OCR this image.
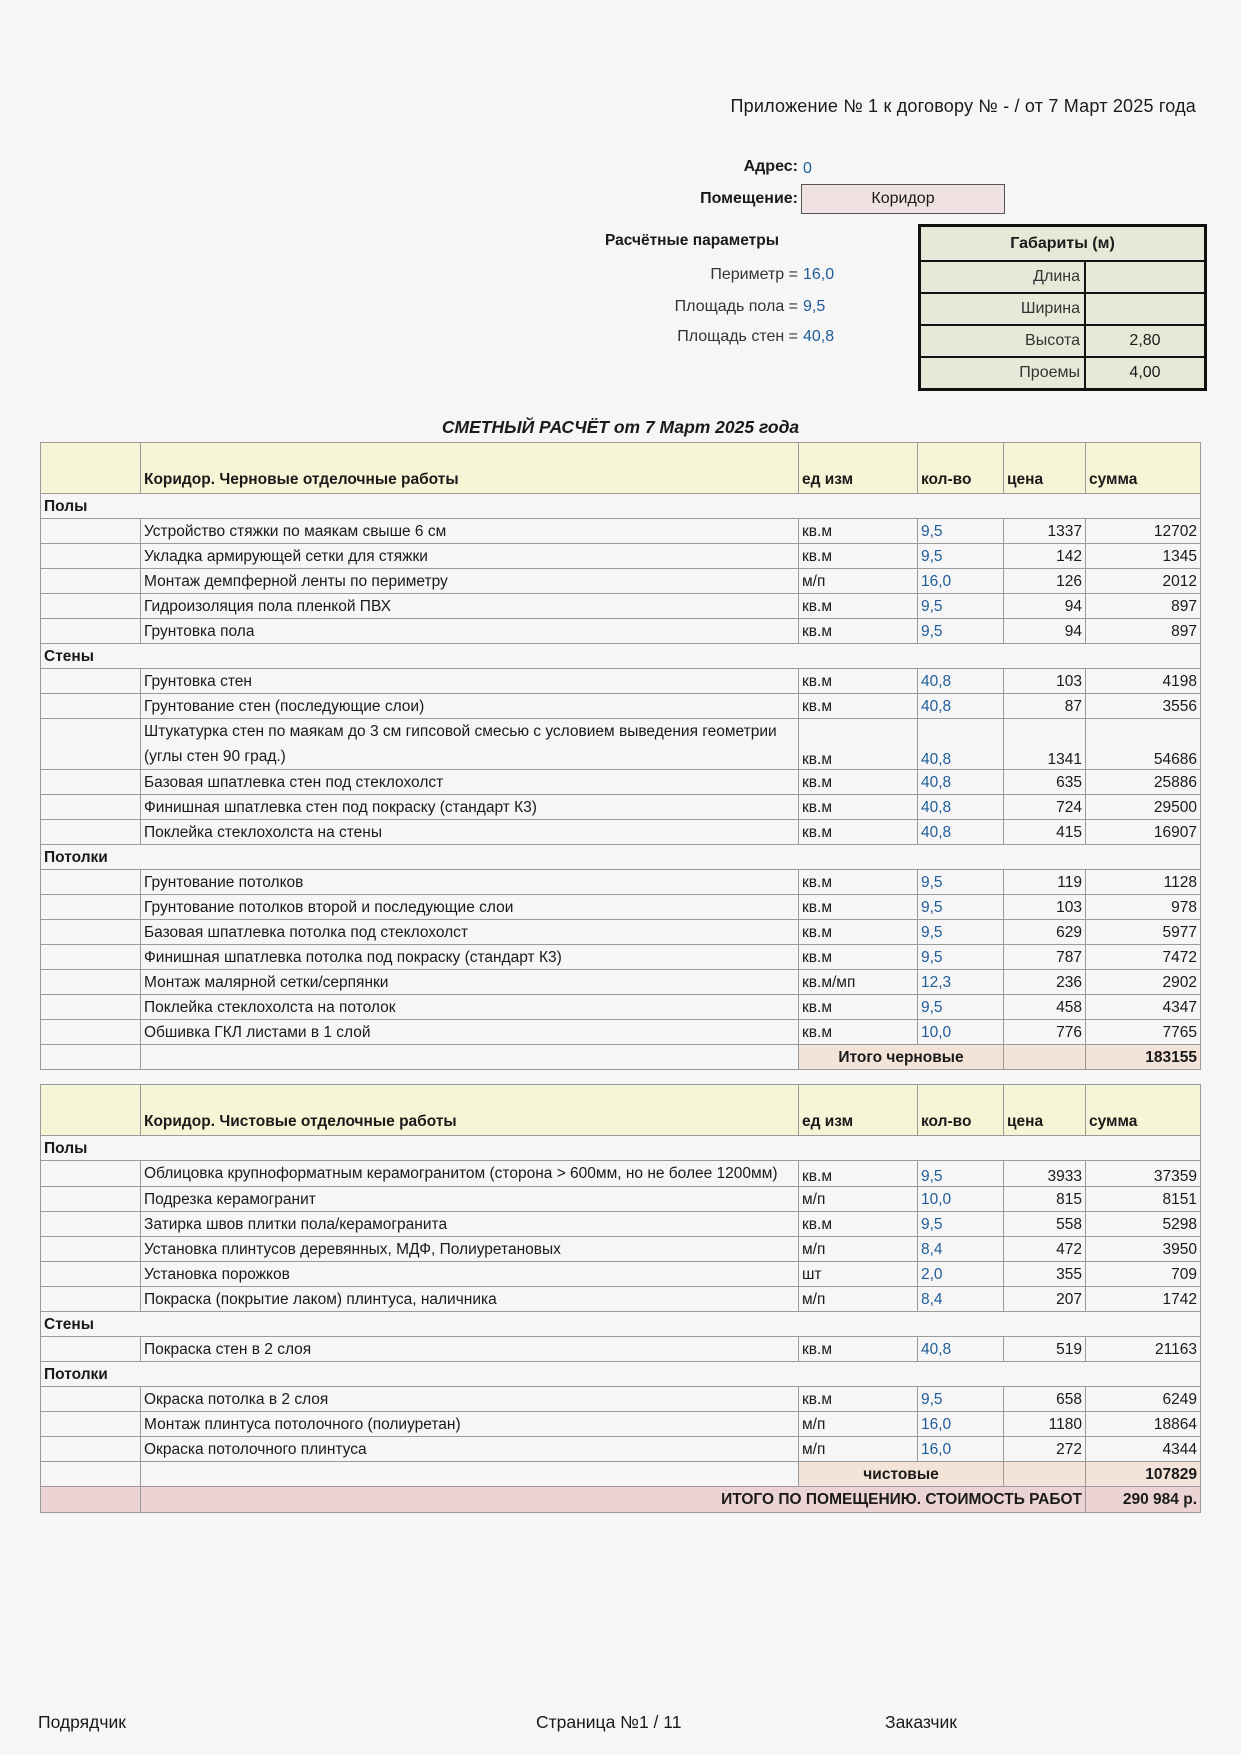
Приложение № 1 к договору № - / от 7 Март 2025 года
Адрес: 0
Помещение:	Коридор
Расчётные параметры
Периметр = 16,0
Площадь пола = 9,5
Площадь стен = 40,8
Габариты (м)
Длина
Ширина
Высота	2,80
Проемы	4,00
СМЕТНЫЙ РАСЧЁТ от 7 Март 2025 года
	Коридор. Черновые отделочные работы	ед изм	кол-во	цена	сумма
Полы					
	Устройство стяжки по маякам свыше 6 см	кв.м	9,5	1337	12702
	Укладка армирующей сетки для стяжки	кв.м	9,5	142	1345
	Монтаж демпферной ленты по периметру	м/п	16,0	126	2012
	Гидроизоляция пола пленкой ПВХ	кв.м	9,5	94	897
	Грунтовка пола	кв.м	9,5	94	897
Стены					
	Грунтовка стен	кв.м	40,8	103	4198
	Грунтование стен (последующие слои)	кв.м	40,8	87	3556
	Штукатурка стен по маякам до 3 см гипсовой смесью с условием выведения геометрии (углы стен 90 град.)	кв.м	40,8	1341	54686
	Базовая шпатлевка стен под стеклохолст	кв.м	40,8	635	25886
	Финишная шпатлевка стен под покраску (стандарт К3)	кв.м	40,8	724	29500
	Поклейка стеклохолста на стены	кв.м	40,8	415	16907
Потолки					
	Грунтование потолков	кв.м	9,5	119	1128
	Грунтование потолков второй и последующие слои	кв.м	9,5	103	978
	Базовая шпатлевка потолка под стеклохолст	кв.м	9,5	629	5977
	Финишная шпатлевка потолка под покраску (стандарт К3)	кв.м	9,5	787	7472
	Монтаж малярной сетки/серпянки	кв.м/мп	12,3	236	2902
	Поклейка стеклохолста на потолок	кв.м	9,5	458	4347
	Обшивка ГКЛ листами в 1 слой	кв.м	10,0	776	7765
		Итого черновые			183155

	Коридор. Чистовые отделочные работы	ед изм	кол-во	цена	сумма
Полы					
	Облицовка крупноформатным керамогранитом (сторона > 600мм, но не более 1200мм)	кв.м	9,5	3933	37359
	Подрезка керамогранит	м/п	10,0	815	8151
	Затирка швов плитки пола/керамогранита	кв.м	9,5	558	5298
	Установка плинтусов деревянных, МДФ, Полиуретановых	м/п	8,4	472	3950
	Установка порожков	шт	2,0	355	709
	Покраска (покрытие лаком) плинтуса, наличника	м/п	8,4	207	1742
Стены					
	Покраска стен в 2 слоя	кв.м	40,8	519	21163
Потолки					
	Окраска потолка в 2 слоя	кв.м	9,5	658	6249
	Монтаж плинтуса потолочного (полиуретан)	м/п	16,0	1180	18864
	Окраска потолочного плинтуса	м/п	16,0	272	4344
		чистовые			107829
	ИТОГО ПО ПОМЕЩЕНИЮ. СТОИМОСТЬ РАБОТ				290 984 р.
Подрядчик	Страница №1 / 11	Заказчик
